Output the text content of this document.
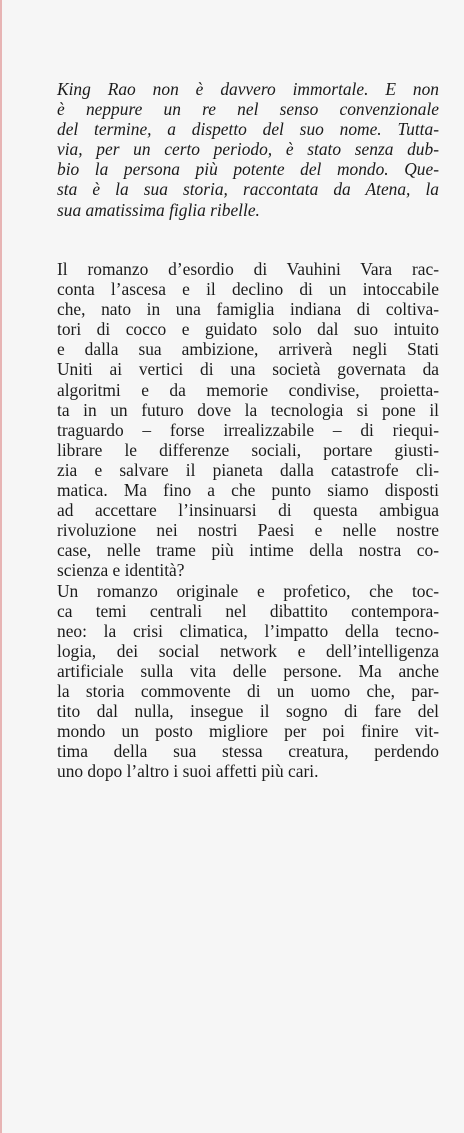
King Rao non è davvero immortale. E non
è neppure un re nel senso convenzionale
del termine, a dispetto del suo nome. Tutta-
via, per un certo periodo, è stato senza dub-
bio la persona più potente del mondo. Que-
sta è la sua storia, raccontata da Atena, la
sua amatissima figlia ribelle.
Il romanzo d’esordio di Vauhini Vara rac-
conta l’ascesa e il declino di un intoccabile
che, nato in una famiglia indiana di coltiva-
tori di cocco e guidato solo dal suo intuito
e dalla sua ambizione, arriverà negli Stati
Uniti ai vertici di una società governata da
algoritmi e da memorie condivise, proietta-
ta in un futuro dove la tecnologia si pone il
traguardo – forse irrealizzabile – di riequi-
librare le differenze sociali, portare giusti-
zia e salvare il pianeta dalla catastrofe cli-
matica. Ma fino a che punto siamo disposti
ad accettare l’insinuarsi di questa ambigua
rivoluzione nei nostri Paesi e nelle nostre
case, nelle trame più intime della nostra co-
scienza e identità?
Un romanzo originale e profetico, che toc-
ca temi centrali nel dibattito contempora-
neo: la crisi climatica, l’impatto della tecno-
logia, dei social network e dell’intelligenza
artificiale sulla vita delle persone. Ma anche
la storia commovente di un uomo che, par-
tito dal nulla, insegue il sogno di fare del
mondo un posto migliore per poi finire vit-
tima della sua stessa creatura, perdendo
uno dopo l’altro i suoi affetti più cari.
